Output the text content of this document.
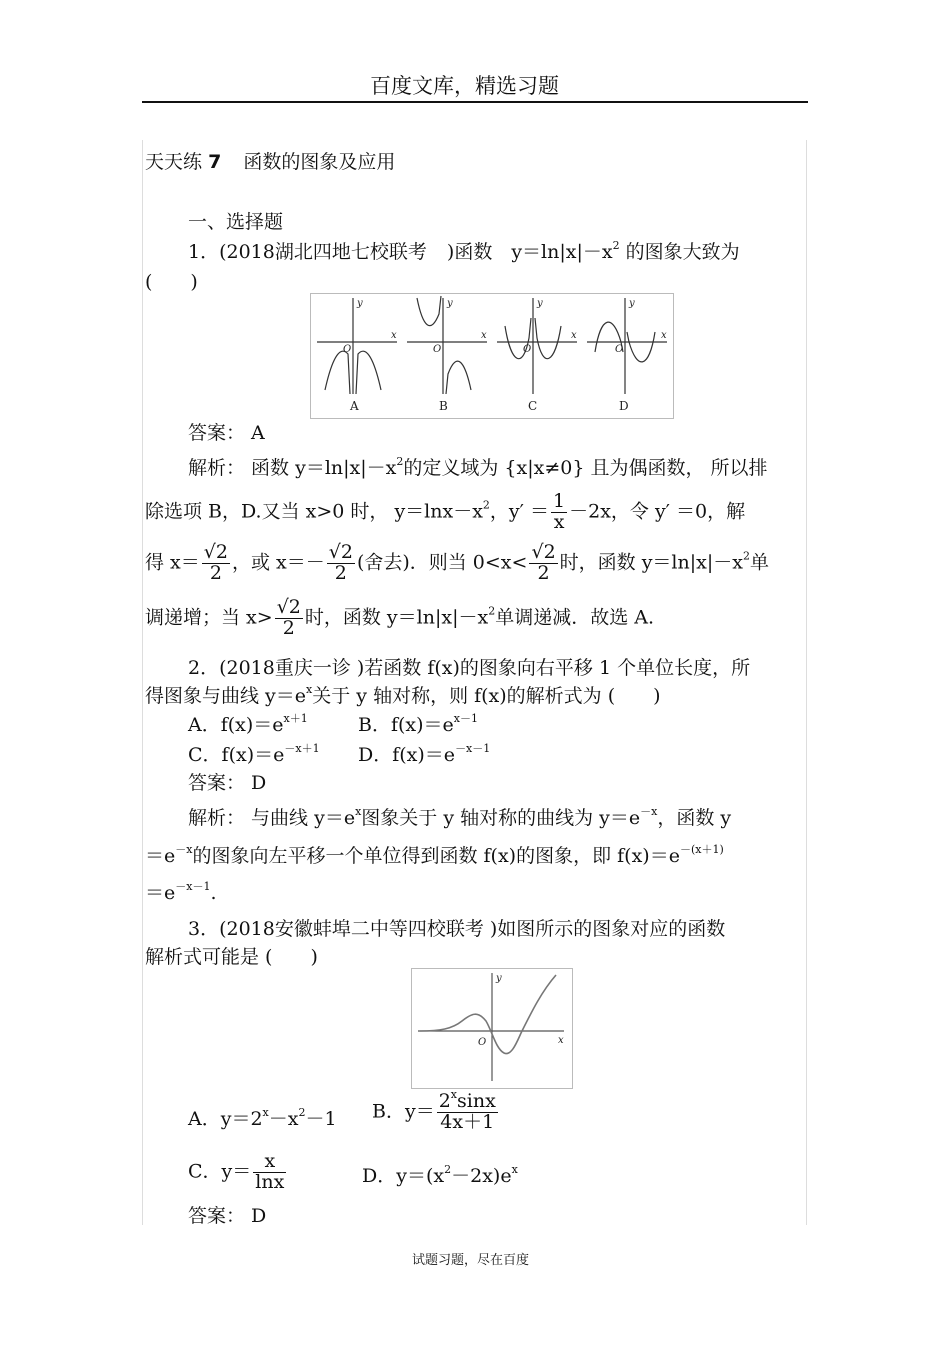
百度文库，精选习题
天天练 7 函数的图象及应用
一、选择题
1．(2018湖北四地七校联考 )函数　$y=\ln|x|-x^2$ 的图象大致为
(　　)
y
x
O
y
x
O
y
x
O
y
x
O
A	B	C	D
答案： A
解析： 函数 $y=\ln|x|-x^2$的定义域为 {x|x≠0} 且为偶函数， 所以排
除选项 B，D.又当 x>0 时， $y=\ln x-x^2$，$y' = \frac{1}{x} -2x$，令 y′ ＝0，解
得 $x= \frac{√2}{2}$ ，或 $x=- \frac{√2}{2}$ (舍去)．则当 $0<x< \frac{√2}{2}$ 时，函数 $y=\ln|x|-x^2$单
调递增；当 $x> \frac{√2}{2}$ 时，函数 $y=\ln|x|-x^2$单调递减．故选 A.
2．(2018重庆一诊 )若函数 f(x)的图象向右平移 1 个单位长度，所
得图象与曲线 $y=e^x$关于 y 轴对称，则 f(x)的解析式为 (　　)
A．$f(x)=e^{x+1}$	B．$f(x)=e^{x-1}$
C．$f(x)=e^{-x+1}$ D．$f(x)=e^{-x-1}$
答案： D
解析： 与曲线 $y=e^x$图象关于 y 轴对称的曲线为 $y=e^{-x}$，函数 y
$=e^{-x}$的图象向左平移一个单位得到函数 f(x)的图象，即 $f(x)=e^{-(x+1)}$
$=e^{-x-1}$.
3．(2018安徽蚌埠二中等四校联考 )如图所示的图象对应的函数
解析式可能是 (　　)
y
x
O
A．$y=2^x-x^2-1$ B．$y= \frac{2^x\sin x}{4x+1}$
C．$y= \frac{x}{\ln x}$	D．$y=(x^2-2x)e^x$
答案： D
试题习题，尽在百度
